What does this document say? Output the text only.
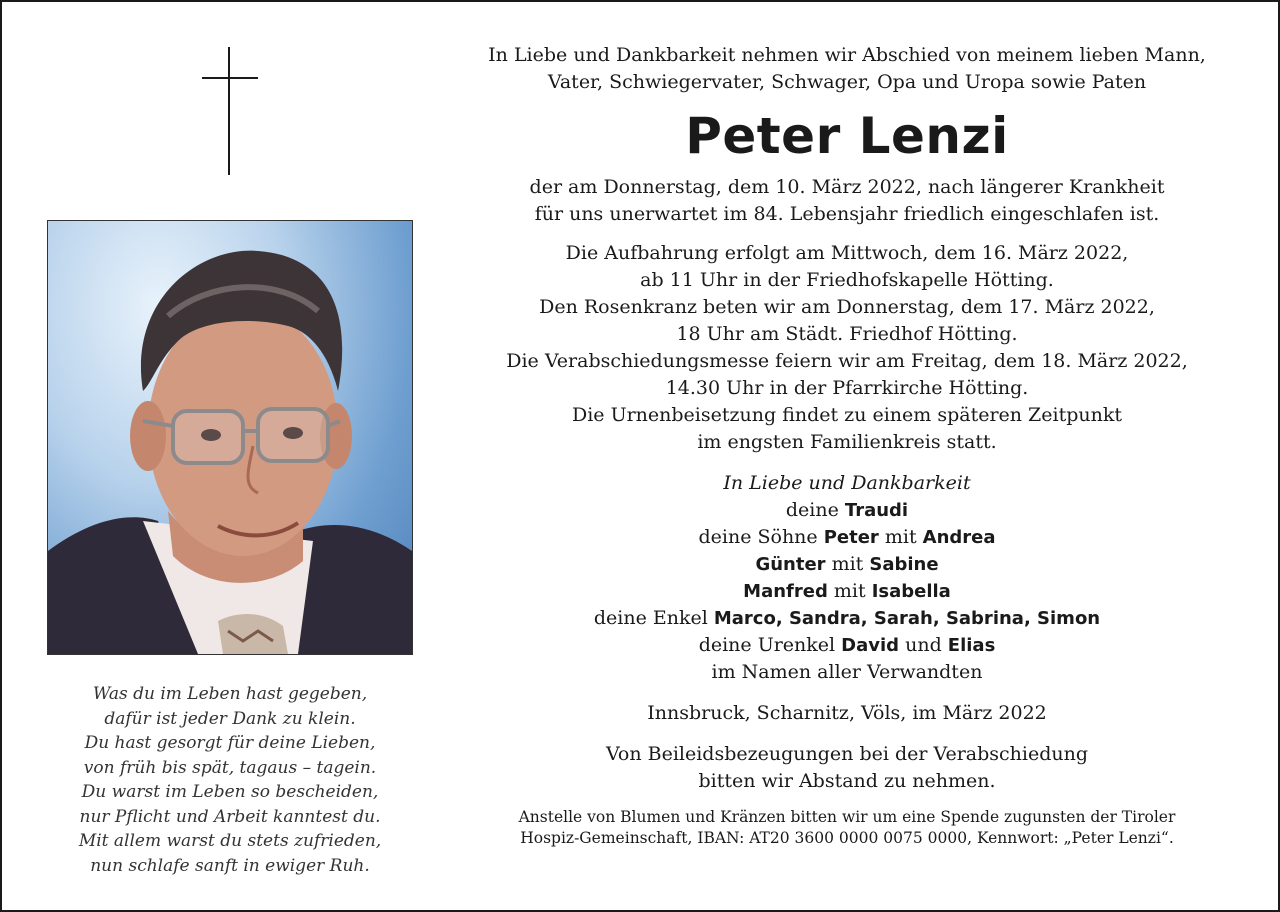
Was du im Leben hast gegeben,
dafür ist jeder Dank zu klein.
Du hast gesorgt für deine Lieben,
von früh bis spät, tagaus – tagein.
Du warst im Leben so bescheiden,
nur Pflicht und Arbeit kanntest du.
Mit allem warst du stets zufrieden,
nun schlafe sanft in ewiger Ruh.
In Liebe und Dankbarkeit nehmen wir Abschied von meinem lieben Mann,
Vater, Schwiegervater, Schwager, Opa und Uropa sowie Paten
Peter Lenzi
der am Donnerstag, dem 10. März 2022, nach längerer Krankheit
für uns unerwartet im 84. Lebensjahr friedlich eingeschlafen ist.
Die Aufbahrung erfolgt am Mittwoch, dem 16. März 2022,
ab 11 Uhr in der Friedhofskapelle Hötting.
Den Rosenkranz beten wir am Donnerstag, dem 17. März 2022,
18 Uhr am Städt. Friedhof Hötting.
Die Verabschiedungsmesse feiern wir am Freitag, dem 18. März 2022,
14.30 Uhr in der Pfarrkirche Hötting.
Die Urnenbeisetzung findet zu einem späteren Zeitpunkt
im engsten Familienkreis statt.
In Liebe und Dankbarkeit
deine Traudi
deine Söhne Peter mit Andrea
Günter mit Sabine
Manfred mit Isabella
deine Enkel Marco, Sandra, Sarah, Sabrina, Simon
deine Urenkel David und Elias
im Namen aller Verwandten
Innsbruck, Scharnitz, Völs, im März 2022
Von Beileidsbezeugungen bei der Verabschiedung
bitten wir Abstand zu nehmen.
Anstelle von Blumen und Kränzen bitten wir um eine Spende zugunsten der Tiroler
Hospiz-Gemeinschaft, IBAN: AT20 3600 0000 0075 0000, Kennwort: „Peter Lenzi“.
